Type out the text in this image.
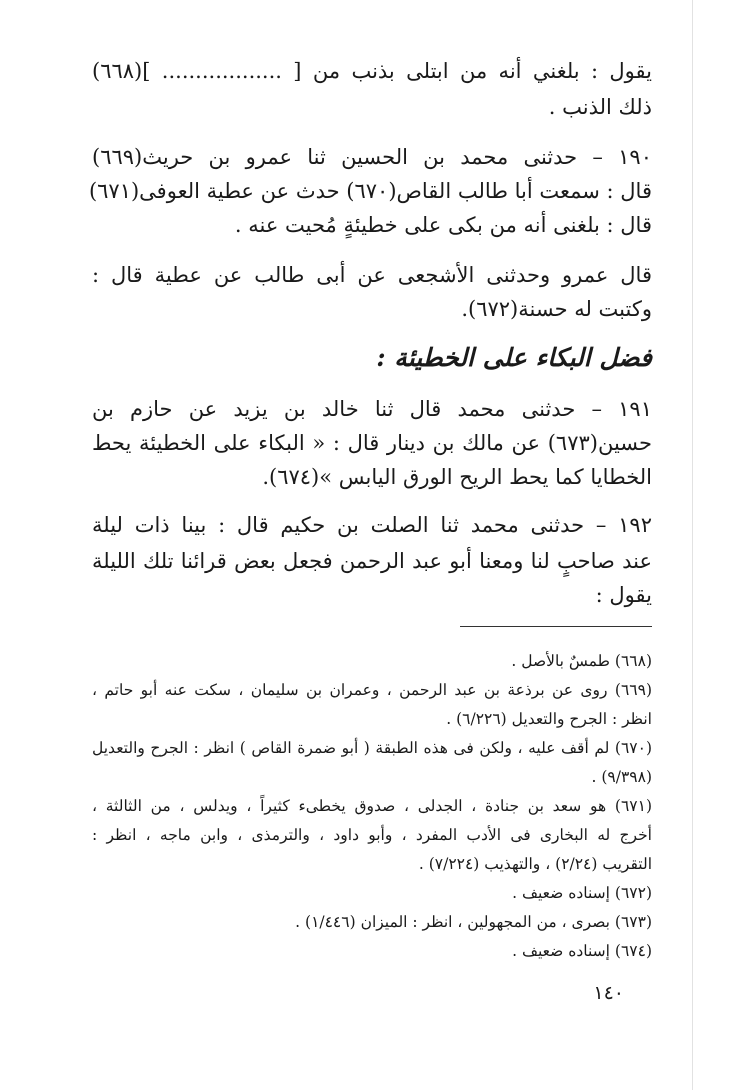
يقول : بلغني أنه من ابتلى بذنب من [ .................. ](٦٦٨)
ذلك الذنب .
١٩٠ – حدثنى محمد بن الحسين ثنا عمرو بن حريث(٦٦٩)
قال : سمعت أبا طالب القاص(٦٧٠) حدث عن عطية العوفى(٦٧١)
قال : بلغنى أنه من بكى على خطيئةٍ مُحيت عنه .
قال عمرو وحدثنى الأشجعى عن أبى طالب عن عطية قال :
وكتبت له حسنة(٦٧٢).
فضل البكاء على الخطيئة :
١٩١ – حدثنى محمد قال ثنا خالد بن يزيد عن حازم بن
حسين(٦٧٣) عن مالك بن دينار قال : « البكاء على الخطيئة يحط
الخطايا كما يحط الريح الورق اليابس »(٦٧٤).
١٩٢ – حدثنى محمد ثنا الصلت بن حكيم قال : بينا ذات ليلة
عند صاحبٍ لنا ومعنا أبو عبد الرحمن فجعل بعض قرائنا تلك الليلة
يقول :
(٦٦٨) طمسٌ بالأصل .
(٦٦٩) روى عن برذعة بن عبد الرحمن ، وعمران بن سليمان ، سكت عنه أبو حاتم ،
انظر : الجرح والتعديل (٦/٢٢٦) .
(٦٧٠) لم أقف عليه ، ولكن فى هذه الطبقة ( أبو ضمرة القاص ) انظر : الجرح والتعديل
(٩/٣٩٨) .
(٦٧١) هو سعد بن جنادة ، الجدلى ، صدوق يخطىء كثيراً ، ويدلس ، من الثالثة ،
أخرج له البخارى فى الأدب المفرد ، وأبو داود ، والترمذى ، وابن ماجه ، انظر :
التقريب (٢/٢٤) ، والتهذيب (٧/٢٢٤) .
(٦٧٢) إسناده ضعيف .
(٦٧٣) بصرى ، من المجهولين ، انظر : الميزان (١/٤٤٦) .
(٦٧٤) إسناده ضعيف .
١٤٠
